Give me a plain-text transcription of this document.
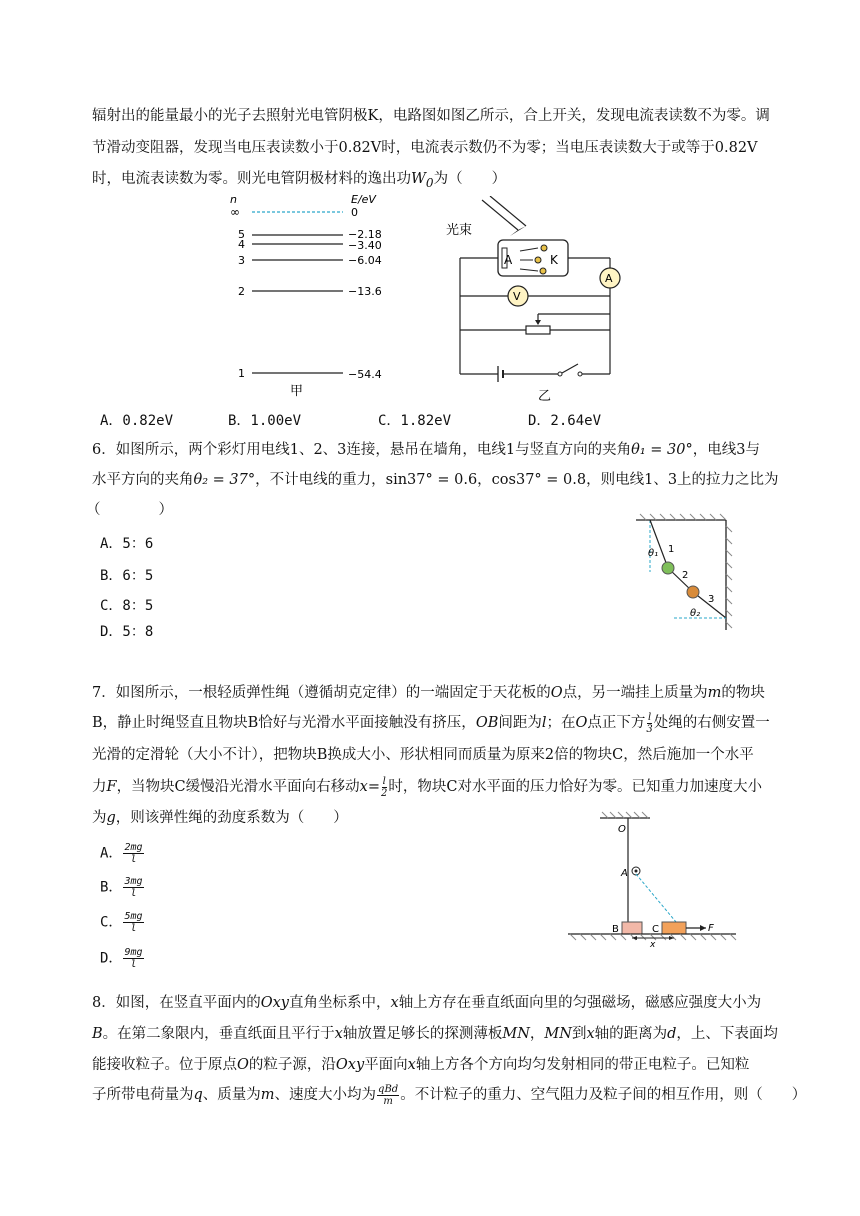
辐射出的能量最小的光子去照射光电管阴极K，电路图如图乙所示，合上开关，发现电流表读数不为零。调
节滑动变阻器，发现当电压表读数小于0.82V时，电流表示数仍不为零；当电压表读数大于或等于0.82V
时，电流表读数为零。则光电管阴极材料的逸出功$W_0$为（　　）
n	E/eV
∞	0
5	−2.18
4	−3.40
3	−6.04
2	−13.6
1	−54.4
甲
光束
A	K
A
V
乙
A．0.82eV	B．1.00eV	C．1.82eV	D．2.64eV
6．如图所示，两个彩灯用电线1、2、3连接，悬吊在墙角，电线1与竖直方向的夹角θ₁ = 30°，电线3与
水平方向的夹角θ₂ = 37°，不计电线的重力，sin37° = 0.6，cos37° = 0.8，则电线1、3上的拉力之比为
（　　　　）
A．5：6
B．6：5
C．8：5
D．5：8
θ₁
θ₂
1
2
3
7．如图所示，一根轻质弹性绳（遵循胡克定律）的一端固定于天花板的O点，另一端挂上质量为m的物块
B，静止时绳竖直且物块B恰好与光滑水平面接触没有挤压，OB间距为l；在O点正下方 $\frac{l}{3}$ 处绳的右侧安置一
光滑的定滑轮（大小不计），把物块B换成大小、形状相同而质量为原来2倍的物块C，然后施加一个水平
力F，当物块C缓慢沿光滑水平面向右移动$x= \frac{l}{2}$ 时，物块C对水平面的压力恰好为零。已知重力加速度大小
为g，则该弹性绳的劲度系数为（　　）
A． $\frac{2mg}{l}$
B． $\frac{3mg}{l}$
C． $\frac{5mg}{l}$
D． $\frac{9mg}{l}$
O
A
B	C	F
x
8．如图，在竖直平面内的Oxy直角坐标系中，x轴上方存在垂直纸面向里的匀强磁场，磁感应强度大小为
B。在第二象限内，垂直纸面且平行于x轴放置足够长的探测薄板MN，MN到x轴的距离为d，上、下表面均
能接收粒子。位于原点O的粒子源，沿Oxy平面向x轴上方各个方向均匀发射相同的带正电粒子。已知粒
子所带电荷量为q、质量为m、速度大小均为 $\frac{\text{qBd}}{m}$ 。不计粒子的重力、空气阻力及粒子间的相互作用，则（　　）
